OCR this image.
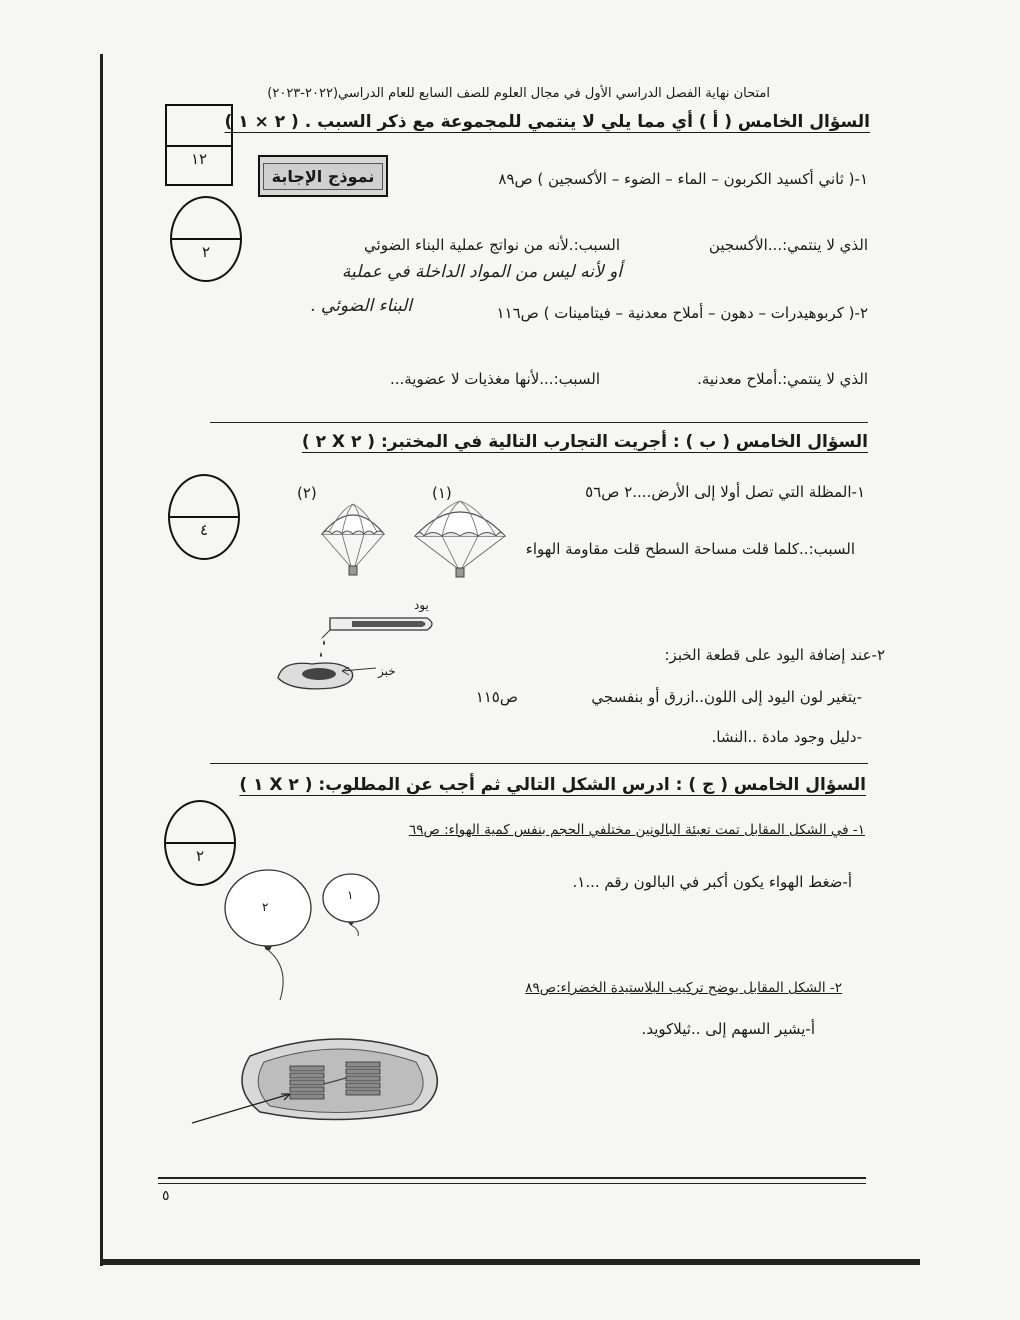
امتحان نهاية الفصل الدراسي الأول في مجال العلوم للصف السابع للعام الدراسي(٢٠٢٢-٢٠٢٣)
١٢
السؤال الخامس ( أ ) أي مما يلي لا ينتمي للمجموعة مع ذكر السبب . ( ٢ × ١ )
نموذج الإجابة	١-( ثاني أكسيد الكربون – الماء – الضوء – الأكسجين ) ص٨٩
٢	الذي لا ينتمي:...الأكسجين
السبب:.لأنه من نواتج عملية البناء الضوئي
أو لأنه ليس من المواد الداخلة في عملية
البناء الضوئي .	٢-( كربوهيدرات – دهون – أملاح معدنية – فيتامينات ) ص١١٦
الذي لا ينتمي:.أملاح معدنية.
السبب:...لأنها مغذيات لا عضوية...
السؤال الخامس ( ب ) : أجريت التجارب التالية في المختبر: ( ٢ X ٢ )
٤
١-المظلة التي تصل أولا إلى الأرض....٢ ص٥٦
السبب:..كلما قلت مساحة السطح قلت مقاومة الهواء
(١)
(٢)
يود
خبز
٢-عند إضافة اليود على قطعة الخبز:
-يتغير لون اليود إلى اللون..ازرق أو بنفسجي
ص١١٥
-دليل وجود مادة ..النشا.
السؤال الخامس ( ج ) : ادرس الشكل التالي ثم أجب عن المطلوب: ( ٢ X ١ )
٢
١- في الشكل المقابل تمت تعبئة البالونين مختلفي الحجم بنفس كمية الهواء: ص٦٩
أ-ضغط الهواء يكون أكبر في البالون رقم ...١.
٢
١
٢- الشكل المقابل يوضح تركيب البلاستيدة الخضراء:ص٨٩
أ-يشير السهم إلى ..ثيلاكويد.
٥
